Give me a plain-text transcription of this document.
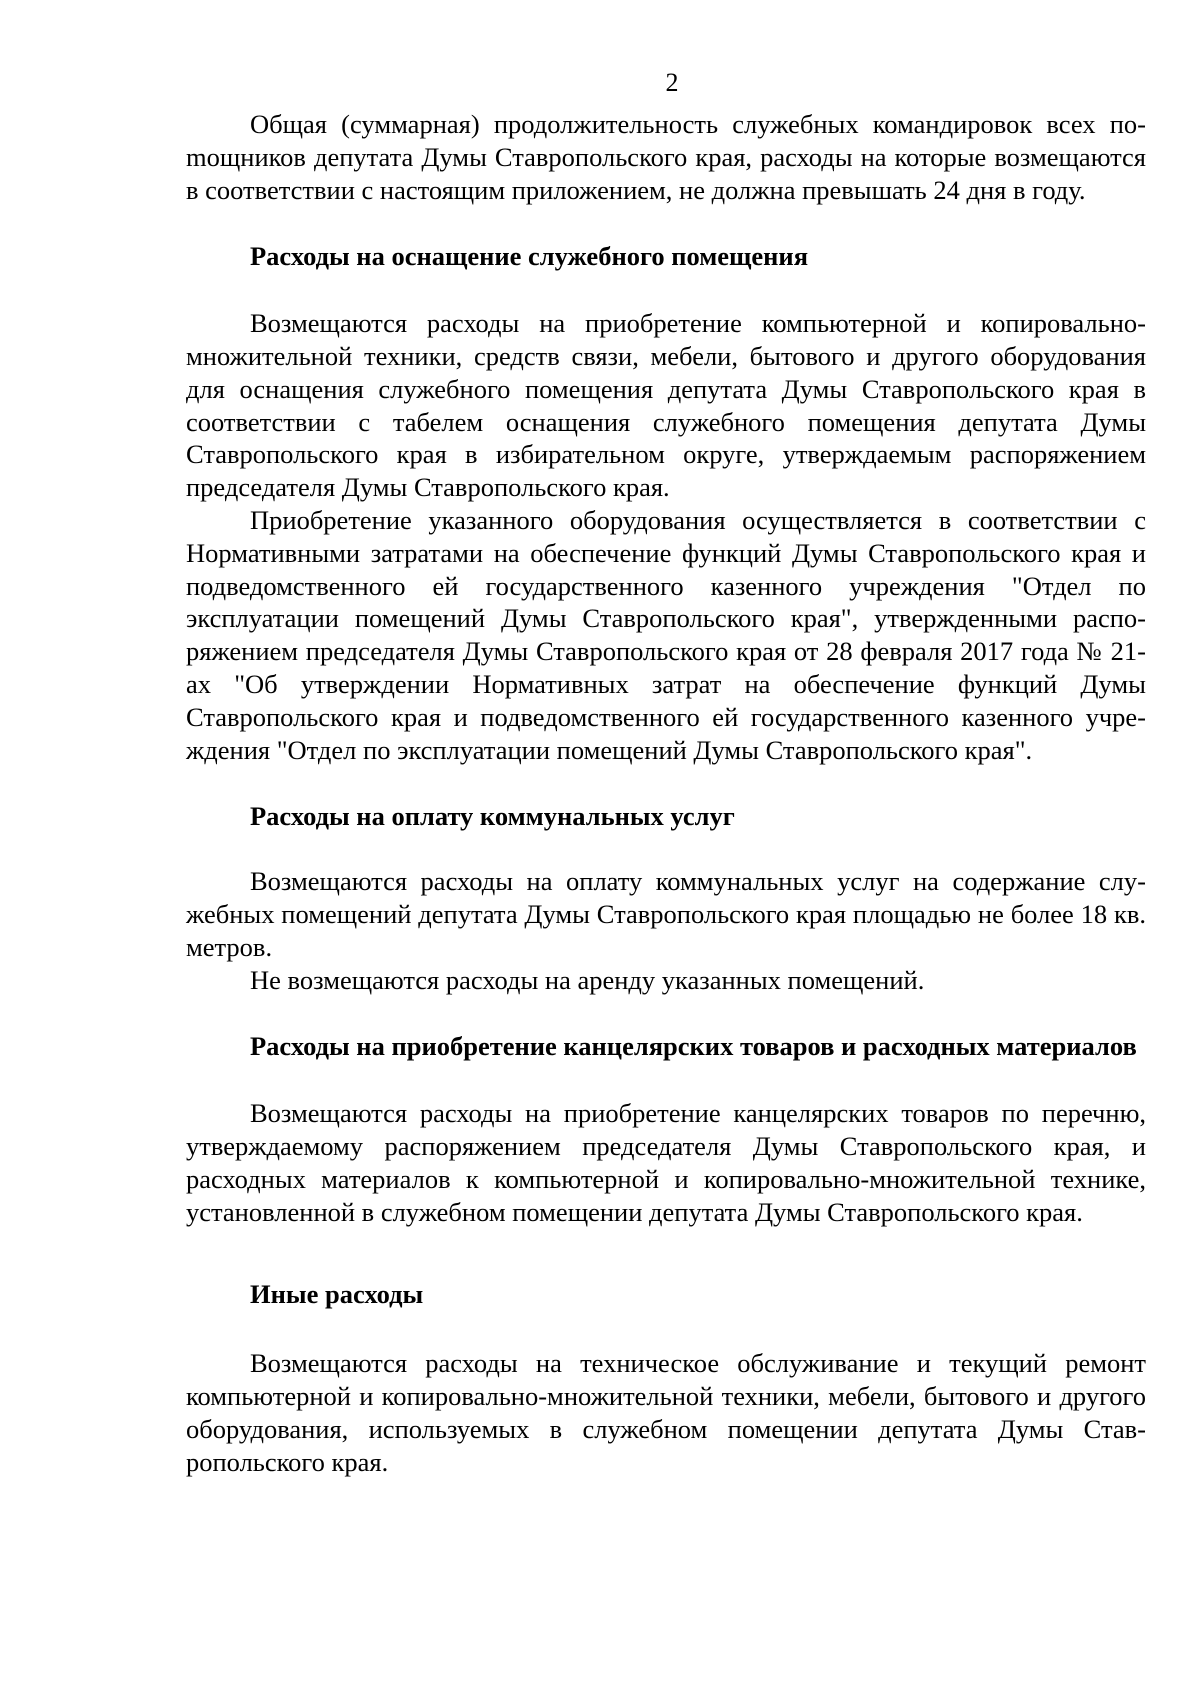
2

Общая (суммарная) продолжительность служебных командировок всех поmощников депутата Думы Ставропольского края, расходы на которые возмещаются в соответствии с настоящим приложением, не должна превышать 24 дня в году.

Расходы на оснащение служебного помещения

Возмещаются расходы на приобретение компьютерной и копировально-множительной техники, средств связи, мебели, бытового и другого оборудования для оснащения служебного помещения депутата Думы Ставропольского края в соответствии с табелем оснащения служебного помещения депутата Думы Ставропольского края в избирательном округе, утверждаемым распоряжением председателя Думы Ставропольского края.

Приобретение указанного оборудования осуществляется в соответствии с Нормативными затратами на обеспечение функций Думы Ставропольского края и подведомственного ей государственного казенного учреждения "Отдел по эксплуатации помещений Думы Ставропольского края", утвержденными распоряжением председателя Думы Ставропольского края от 28 февраля 2017 года № 21-ах "Об утверждении Нормативных затрат на обеспечение функций Думы Ставропольского края и подведомственного ей государственного казенного учреждения "Отдел по эксплуатации помещений Думы Ставропольского края".

Расходы на оплату коммунальных услуг

Возмещаются расходы на оплату коммунальных услуг на содержание служебных помещений депутата Думы Ставропольского края площадью не более 18 кв. метров.

Не возмещаются расходы на аренду указанных помещений.

Расходы на приобретение канцелярских товаров и расходных материалов

Возмещаются расходы на приобретение канцелярских товаров по перечню, утверждаемому распоряжением председателя Думы Ставропольского края, и расходных материалов к компьютерной и копировально-множительной технике, установленной в служебном помещении депутата Думы Ставропольского края.

Иные расходы

Возмещаются расходы на техническое обслуживание и текущий ремонт компьютерной и копировально-множительной техники, мебели, бытового и другого оборудования, используемых в служебном помещении депутата Думы Ставропольского края.
